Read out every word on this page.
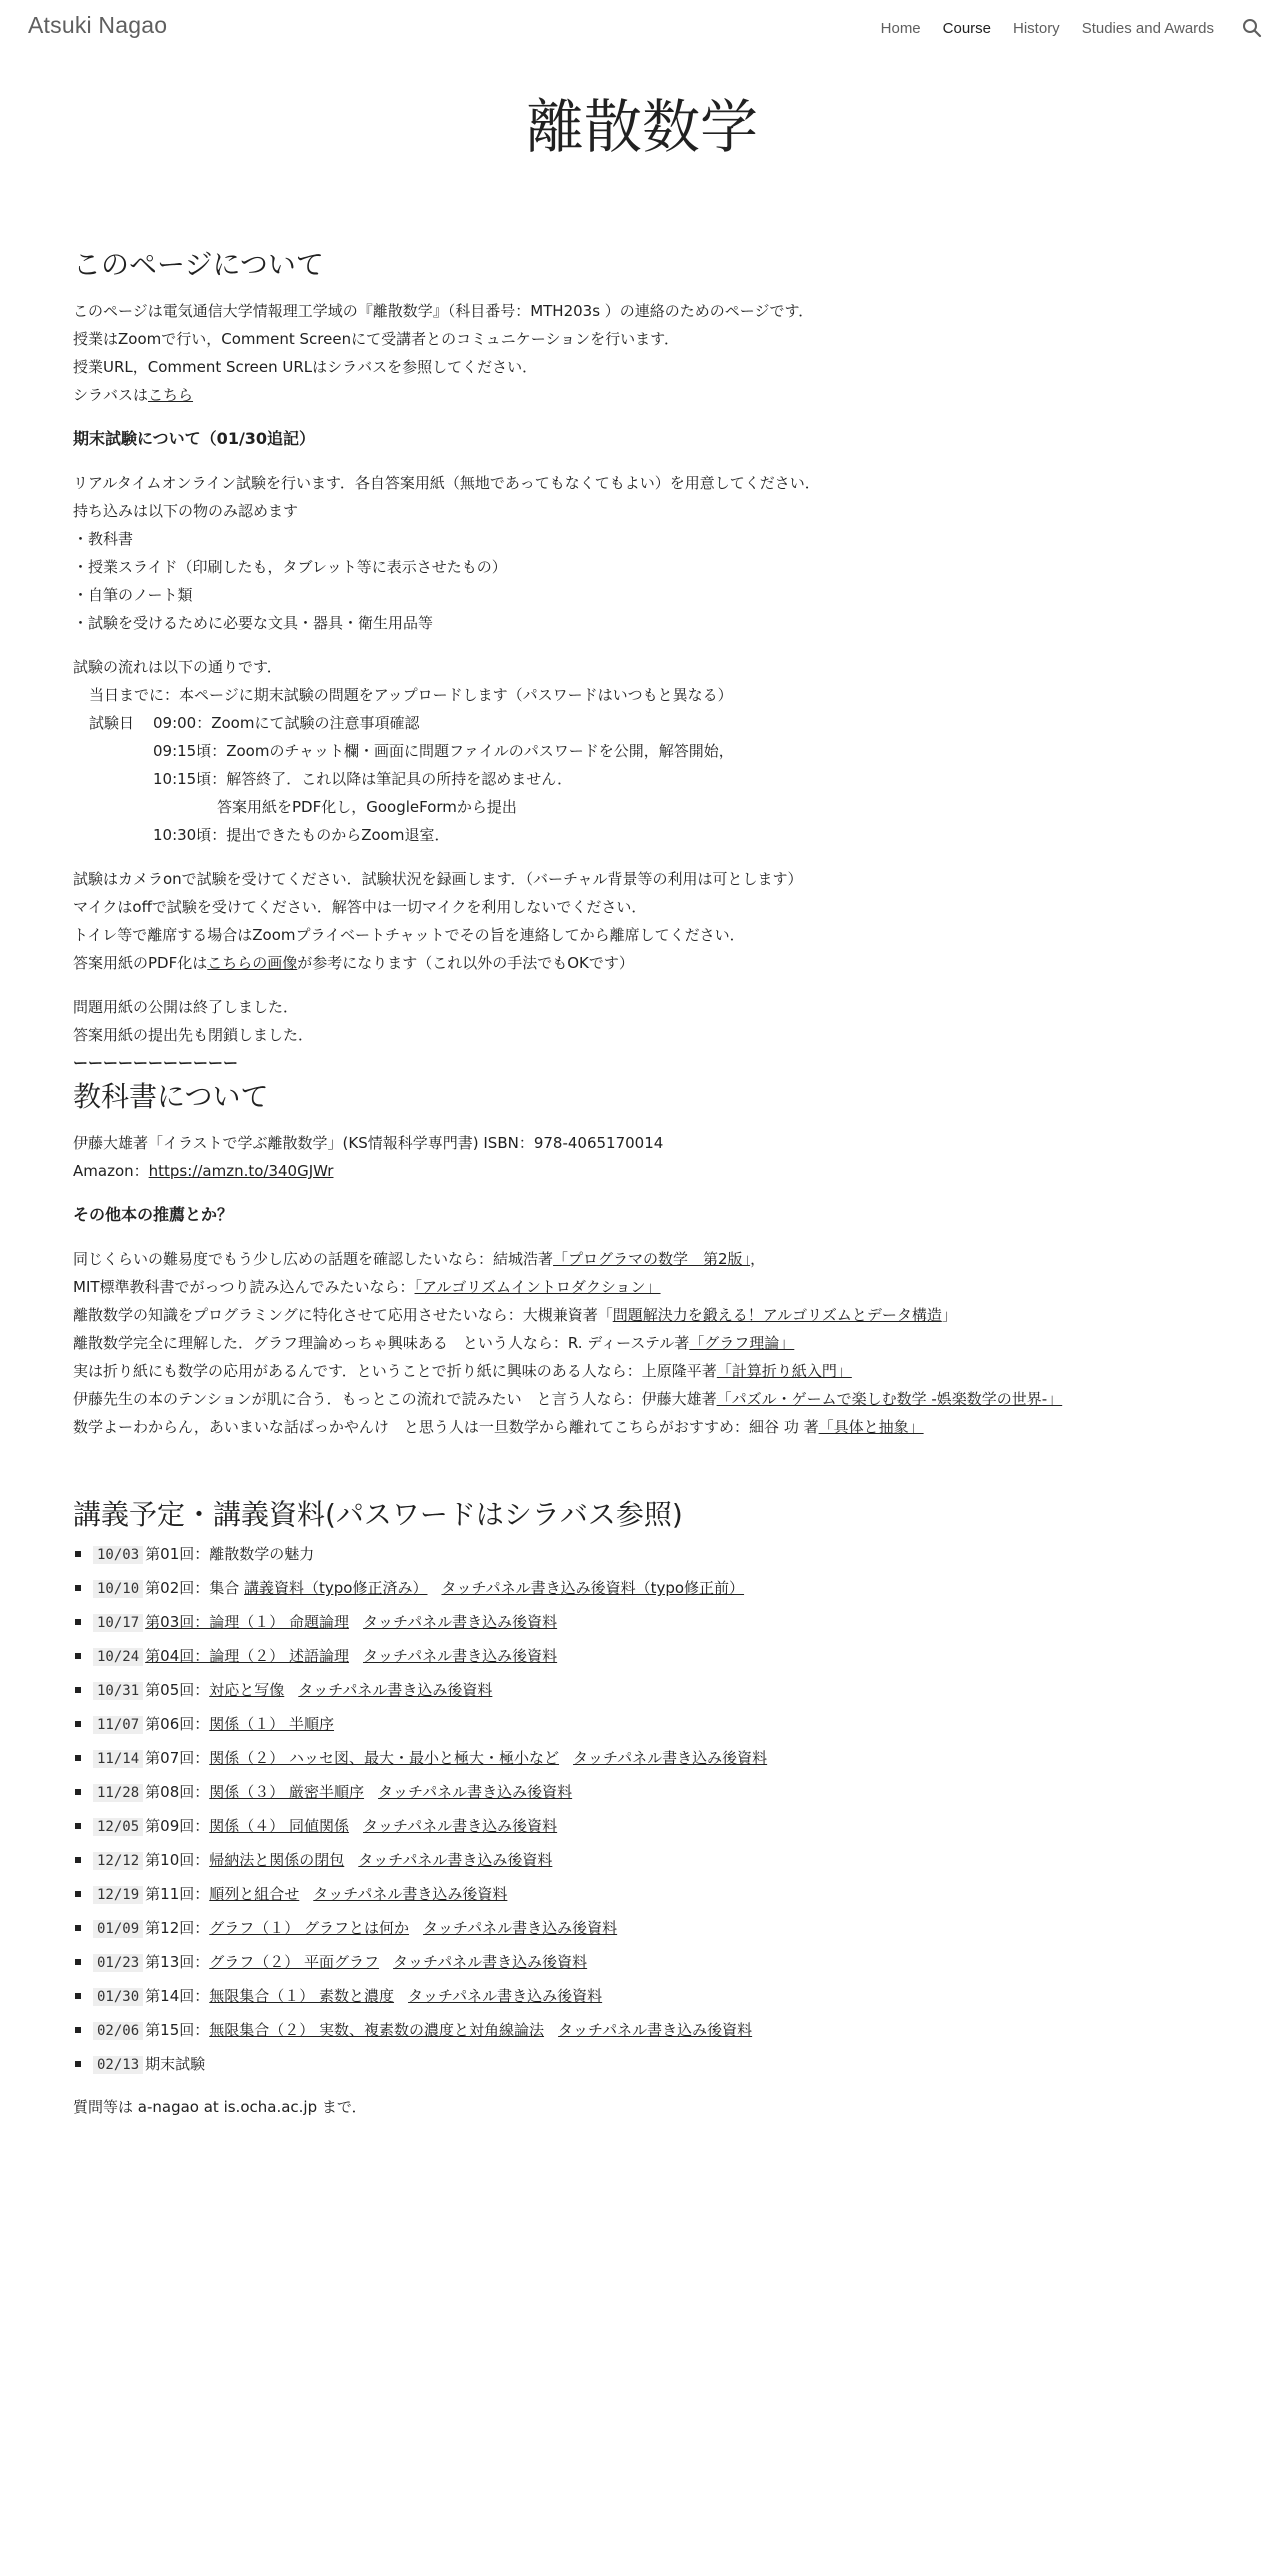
Atsuki Nagao	Home Course History Studies and Awards
離散数学
このページについて

このページは電気通信大学情報理工学域の『離散数学』（科目番号：MTH203s ）の連絡のためのページです．

授業はZoomで行い，Comment Screenにて受講者とのコミュニケーションを行います．

授業URL，Comment Screen URLはシラバスを参照してください．

シラバスはこちら

期末試験について（01/30追記）

リアルタイムオンライン試験を行います．各自答案用紙（無地であってもなくてもよい）を用意してください．

持ち込みは以下の物のみ認めます

・教科書

・授業スライド（印刷したも，タブレット等に表示させたもの）

・自筆のノート類

・試験を受けるために必要な文具・器具・衛生用品等

試験の流れは以下の通りです．

当日までに：本ページに期末試験の問題をアップロードします（パスワードはいつもと異なる）

試験日	09:00：Zoomにて試験の注意事項確認
09:15頃：Zoomのチャット欄・画面に問題ファイルのパスワードを公開，解答開始，
10:15頃：解答終了．これ以降は筆記具の所持を認めません．
答案用紙をPDF化し，GoogleFormから提出
10:30頃：提出できたものからZoom退室．

試験はカメラonで試験を受けてください．試験状況を録画します．（バーチャル背景等の利用は可とします）

マイクはoffで試験を受けてください．解答中は一切マイクを利用しないでください．

トイレ等で離席する場合はZoomプライベートチャットでその旨を連絡してから離席してください．

答案用紙のPDF化はこちらの画像が参考になります（これ以外の手法でもOKです）

問題用紙の公開は終了しました．

答案用紙の提出先も閉鎖しました．

ーーーーーーーーーーー

教科書について

伊藤大雄著「イラストで学ぶ離散数学」(KS情報科学専門書) ISBN：978-4065170014

Amazon：https://amzn.to/340GJWr

その他本の推薦とか？

同じくらいの難易度でもう少し広めの話題を確認したいなら：結城浩著「プログラマの数学　第2版」，

MIT標準教科書でがっつり読み込んでみたいなら：「アルゴリズムイントロダクション」

離散数学の知識をプログラミングに特化させて応用させたいなら：大槻兼資著「問題解決力を鍛える！アルゴリズムとデータ構造」

離散数学完全に理解した．グラフ理論めっちゃ興味ある　という人なら：R. ディーステル著「グラフ理論」

実は折り紙にも数学の応用があるんです．ということで折り紙に興味のある人なら：上原隆平著「計算折り紙入門」

伊藤先生の本のテンションが肌に合う．もっとこの流れで読みたい　と言う人なら：伊藤大雄著「パズル・ゲームで楽しむ数学 -娯楽数学の世界-」

数学よーわからん，あいまいな話ばっかやんけ　と思う人は一旦数学から離れてこちらがおすすめ：細谷 功 著「具体と抽象」

講義予定・講義資料(パスワードはシラバス参照)
10/03 第01回：離散数学の魅力
10/10 第02回：集合 講義資料（typo修正済み） タッチパネル書き込み後資料（typo修正前）
10/17 第03回：論理（１） 命題論理 タッチパネル書き込み後資料
10/24 第04回：論理（２） 述語論理 タッチパネル書き込み後資料
10/31 第05回：対応と写像 タッチパネル書き込み後資料
11/07 第06回：関係（１） 半順序
11/14 第07回：関係（２） ハッセ図、最大・最小と極大・極小など タッチパネル書き込み後資料
11/28 第08回：関係（３） 厳密半順序 タッチパネル書き込み後資料
12/05 第09回：関係（４） 同値関係 タッチパネル書き込み後資料
12/12 第10回：帰納法と関係の閉包 タッチパネル書き込み後資料
12/19 第11回：順列と組合せ タッチパネル書き込み後資料
01/09 第12回：グラフ（１） グラフとは何か タッチパネル書き込み後資料
01/23 第13回：グラフ（２） 平面グラフ タッチパネル書き込み後資料
01/30 第14回：無限集合（１） 素数と濃度 タッチパネル書き込み後資料
02/06 第15回：無限集合（２） 実数、複素数の濃度と対角線論法 タッチパネル書き込み後資料
02/13 期末試験

質問等は a-nagao at is.ocha.ac.jp まで．
